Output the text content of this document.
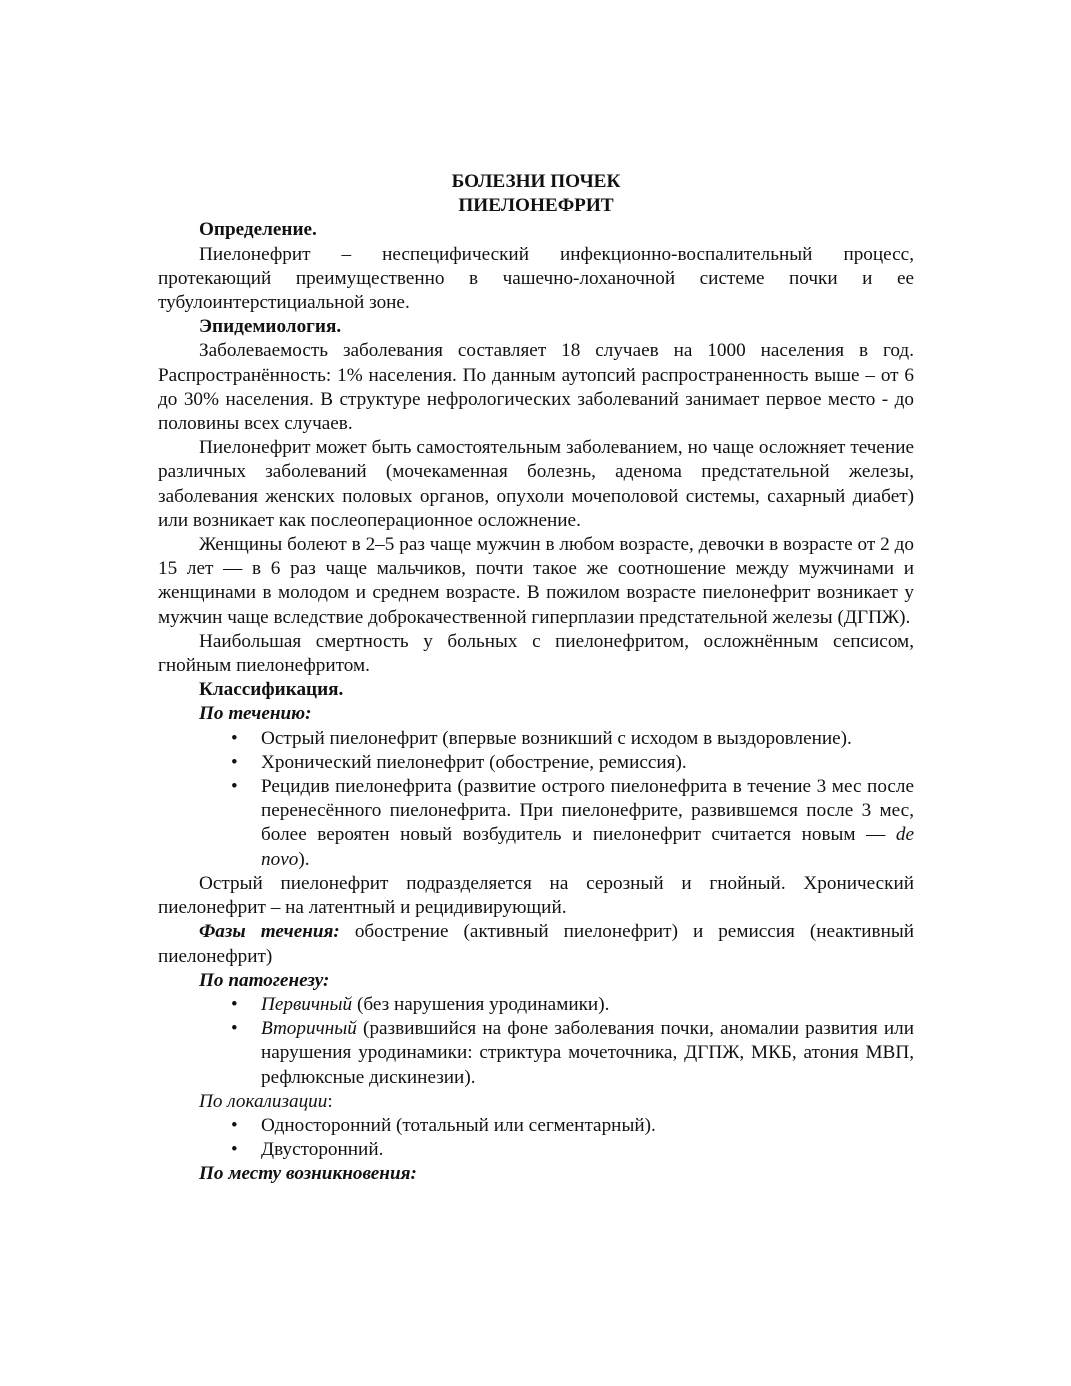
БОЛЕЗНИ ПОЧЕК

ПИЕЛОНЕФРИТ

Определение.

Пиелонефрит – неспецифический инфекционно-воспалительный процесс, протекающий преимущественно в чашечно-лоханочной системе почки и ее тубулоинтерстициальной зоне.

Эпидемиология.

Заболеваемость заболевания составляет 18 случаев на 1000 населения в год. Распространённость: 1% населения. По данным аутопсий распространенность выше – от 6 до 30% населения. В структуре нефрологических заболеваний занимает первое место - до половины всех случаев.

Пиелонефрит может быть самостоятельным заболеванием, но чаще осложняет течение различных заболеваний (мочекаменная болезнь, аденома предстательной железы, заболевания женских половых органов, опухоли мочеполовой системы, сахарный диабет) или возникает как послеоперационное осложнение.

Женщины болеют в 2–5 раз чаще мужчин в любом возрасте, девочки в возрасте от 2 до 15 лет — в 6 раз чаще мальчиков, почти такое же соотношение между мужчинами и женщинами в молодом и среднем возрасте. В пожилом возрасте пиелонефрит возникает у мужчин чаще вследствие доброкачественной гиперплазии предстательной железы (ДГПЖ).

Наибольшая смертность у больных с пиелонефритом, осложнённым сепсисом, гнойным пиелонефритом.

Классификация.

По течению:

• Острый пиелонефрит (впервые возникший с исходом в выздоровление).
• Хронический пиелонефрит (обострение, ремиссия).
• Рецидив пиелонефрита (развитие острого пиелонефрита в течение 3 мес после перенесённого пиелонефрита. При пиелонефрите, развившемся после 3 мес, более вероятен новый возбудитель и пиелонефрит считается новым — de novo).

Острый пиелонефрит подразделяется на серозный и гнойный. Хронический пиелонефрит – на латентный и рецидивирующий.

Фазы течения: обострение (активный пиелонефрит) и ремиссия (неактивный пиелонефрит)

По патогенезу:

• Первичный (без нарушения уродинамики).
• Вторичный (развившийся на фоне заболевания почки, аномалии развития или нарушения уродинамики: стриктура мочеточника, ДГПЖ, МКБ, атония МВП, рефлюксные дискинезии).

По локализации:

• Односторонний (тотальный или сегментарный).
• Двусторонний.

По месту возникновения:
